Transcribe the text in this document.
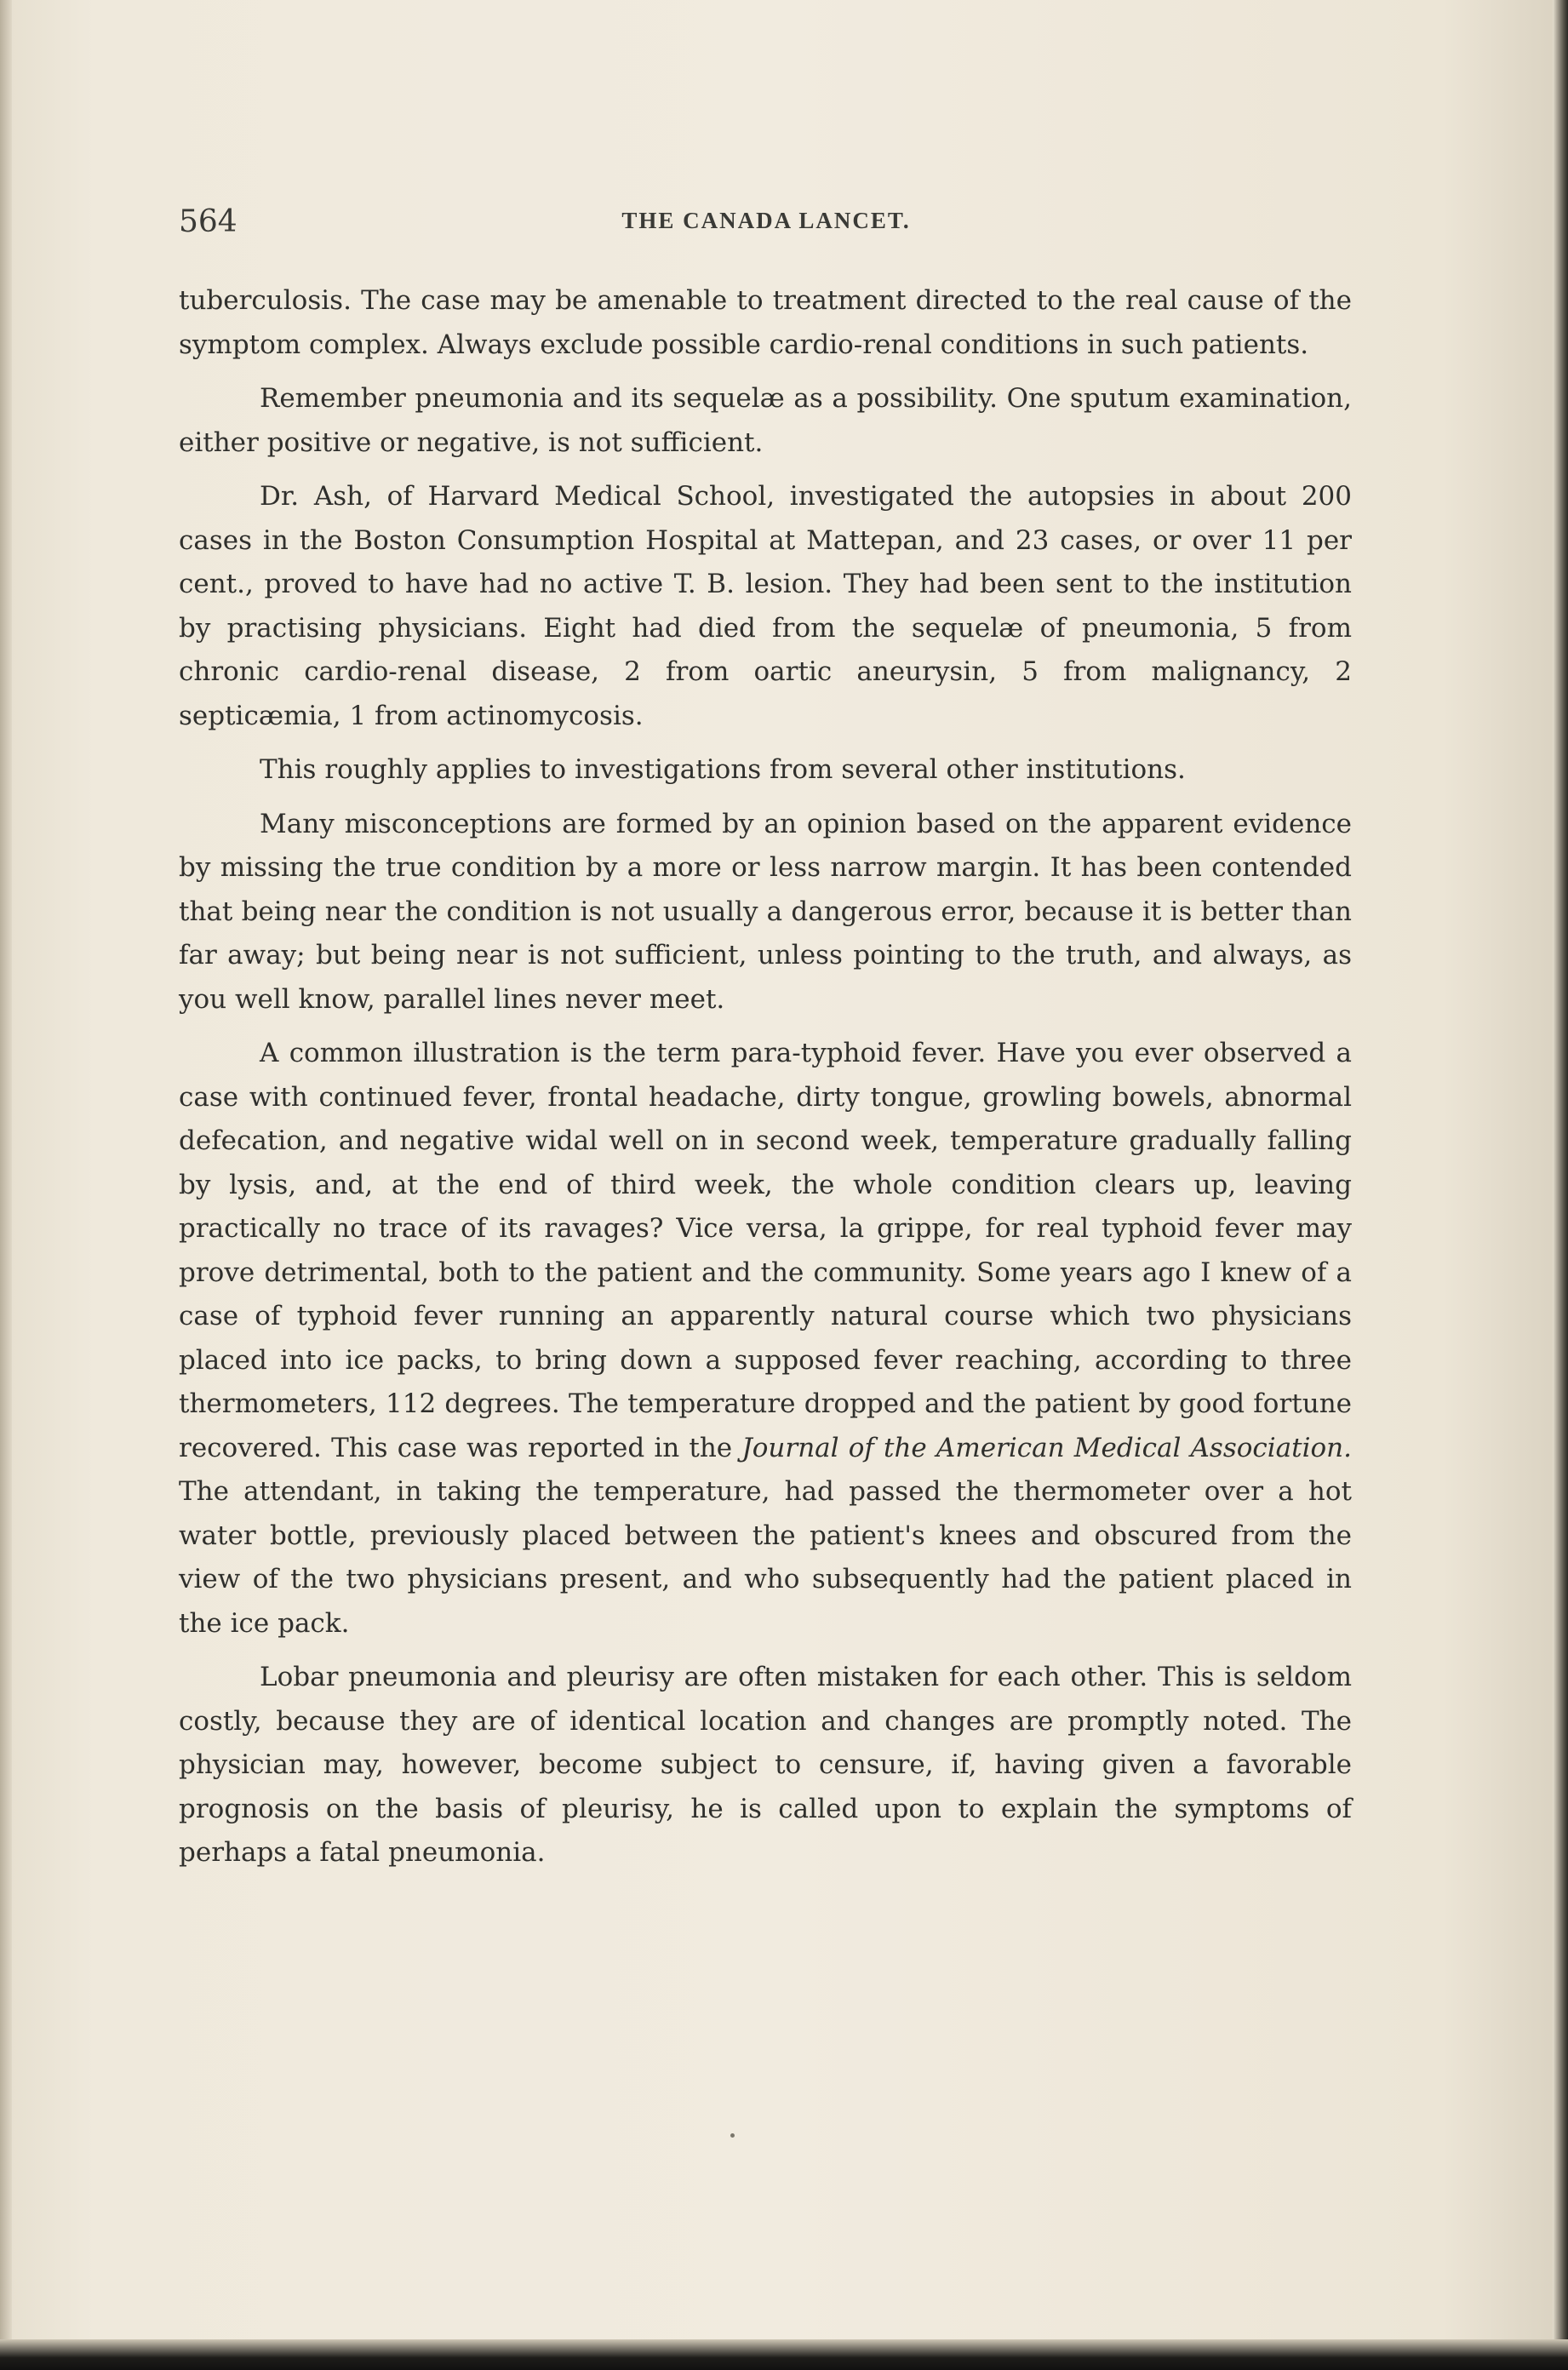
564	THE CANADA LANCET.

tuberculosis. The case may be amenable to treatment directed to the real cause of the symptom complex. Always exclude possible cardio-renal conditions in such patients.

Remember pneumonia and its sequelæ as a possibility. One sputum examination, either positive or negative, is not sufficient.

Dr. Ash, of Harvard Medical School, investigated the autopsies in about 200 cases in the Boston Consumption Hospital at Mattepan, and 23 cases, or over 11 per cent., proved to have had no active T. B. lesion. They had been sent to the institution by practising physicians. Eight had died from the sequelæ of pneumonia, 5 from chronic cardio-renal disease, 2 from oartic aneurysin, 5 from malignancy, 2 septicæmia, 1 from actinomycosis.

This roughly applies to investigations from several other institutions.

Many misconceptions are formed by an opinion based on the apparent evidence by missing the true condition by a more or less narrow margin. It has been contended that being near the condition is not usually a dangerous error, because it is better than far away; but being near is not sufficient, unless pointing to the truth, and always, as you well know, parallel lines never meet.

A common illustration is the term para-typhoid fever. Have you ever observed a case with continued fever, frontal headache, dirty tongue, growling bowels, abnormal defecation, and negative widal well on in second week, temperature gradually falling by lysis, and, at the end of third week, the whole condition clears up, leaving practically no trace of its ravages? Vice versa, la grippe, for real typhoid fever may prove detrimental, both to the patient and the community. Some years ago I knew of a case of typhoid fever running an apparently natural course which two physicians placed into ice packs, to bring down a supposed fever reaching, according to three thermometers, 112 degrees. The temperature dropped and the patient by good fortune recovered. This case was reported in the Journal of the American Medical Association. The attendant, in taking the temperature, had passed the thermometer over a hot water bottle, previously placed between the patient's knees and obscured from the view of the two physicians present, and who subsequently had the patient placed in the ice pack.

Lobar pneumonia and pleurisy are often mistaken for each other. This is seldom costly, because they are of identical location and changes are promptly noted. The physician may, however, become subject to censure, if, having given a favorable prognosis on the basis of pleurisy, he is called upon to explain the symptoms of perhaps a fatal pneumonia.
